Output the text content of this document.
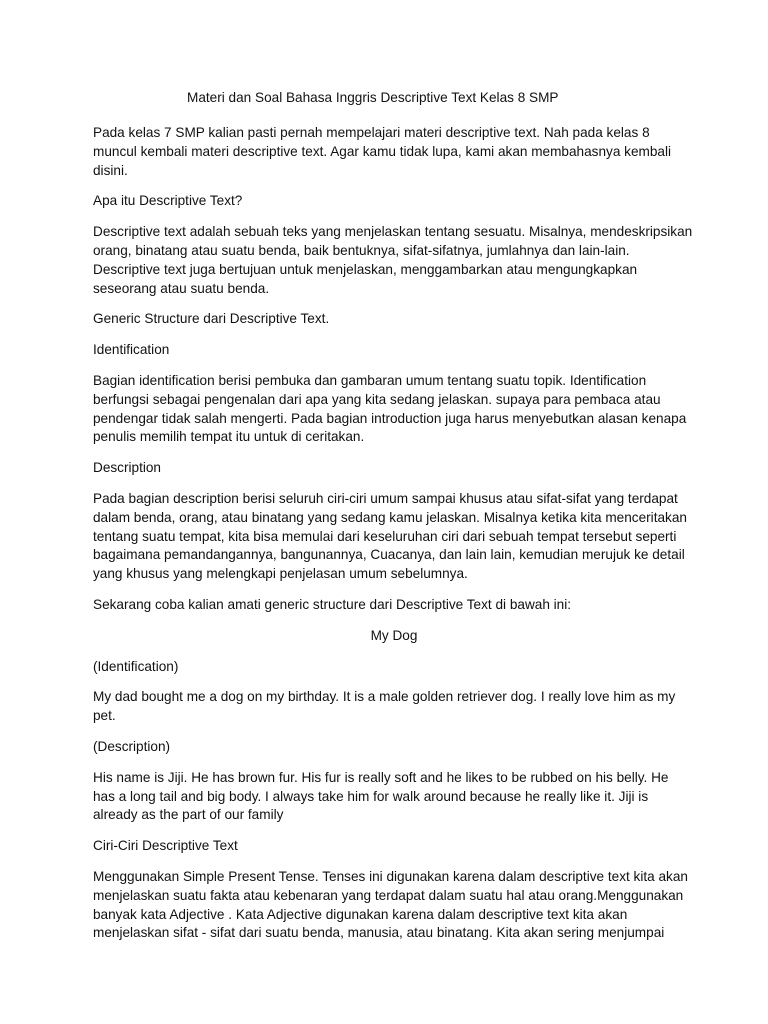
Materi dan Soal Bahasa Inggris Descriptive Text Kelas 8 SMP

Pada kelas 7 SMP kalian pasti pernah mempelajari materi descriptive text. Nah pada kelas 8 muncul kembali materi descriptive text. Agar kamu tidak lupa, kami akan membahasnya kembali disini.

Apa itu Descriptive Text?

Descriptive text adalah sebuah teks yang menjelaskan tentang sesuatu. Misalnya, mendeskripsikan orang, binatang atau suatu benda, baik bentuknya, sifat-sifatnya, jumlahnya dan lain-lain. Descriptive text juga bertujuan untuk menjelaskan, menggambarkan atau mengungkapkan seseorang atau suatu benda.

Generic Structure dari Descriptive Text.

Identification

Bagian identification berisi pembuka dan gambaran umum tentang suatu topik. Identification berfungsi sebagai pengenalan dari apa yang kita sedang jelaskan. supaya para pembaca atau pendengar tidak salah mengerti. Pada bagian introduction juga harus menyebutkan alasan kenapa penulis memilih tempat itu untuk di ceritakan.

Description

Pada bagian description berisi seluruh ciri-ciri umum sampai khusus atau sifat-sifat yang terdapat dalam benda, orang, atau binatang yang sedang kamu jelaskan. Misalnya ketika kita menceritakan tentang suatu tempat, kita bisa memulai dari keseluruhan ciri dari sebuah tempat tersebut seperti bagaimana pemandangannya, bangunannya, Cuacanya, dan lain lain, kemudian merujuk ke detail yang khusus yang melengkapi penjelasan umum sebelumnya.

Sekarang coba kalian amati generic structure dari Descriptive Text di bawah ini:

My Dog

(Identification)

My dad bought me a dog on my birthday. It is a male golden retriever dog. I really love him as my pet.

(Description)

His name is Jiji. He has brown fur. His fur is really soft and he likes to be rubbed on his belly. He has a long tail and big body. I always take him for walk around because he really like it. Jiji is already as the part of our family

Ciri-Ciri Descriptive Text

Menggunakan Simple Present Tense. Tenses ini digunakan karena dalam descriptive text kita akan menjelaskan suatu fakta atau kebenaran yang terdapat dalam suatu hal atau orang.Menggunakan banyak kata Adjective . Kata Adjective digunakan karena dalam descriptive text kita akan menjelaskan sifat - sifat dari suatu benda, manusia, atau binatang. Kita akan sering menjumpai
